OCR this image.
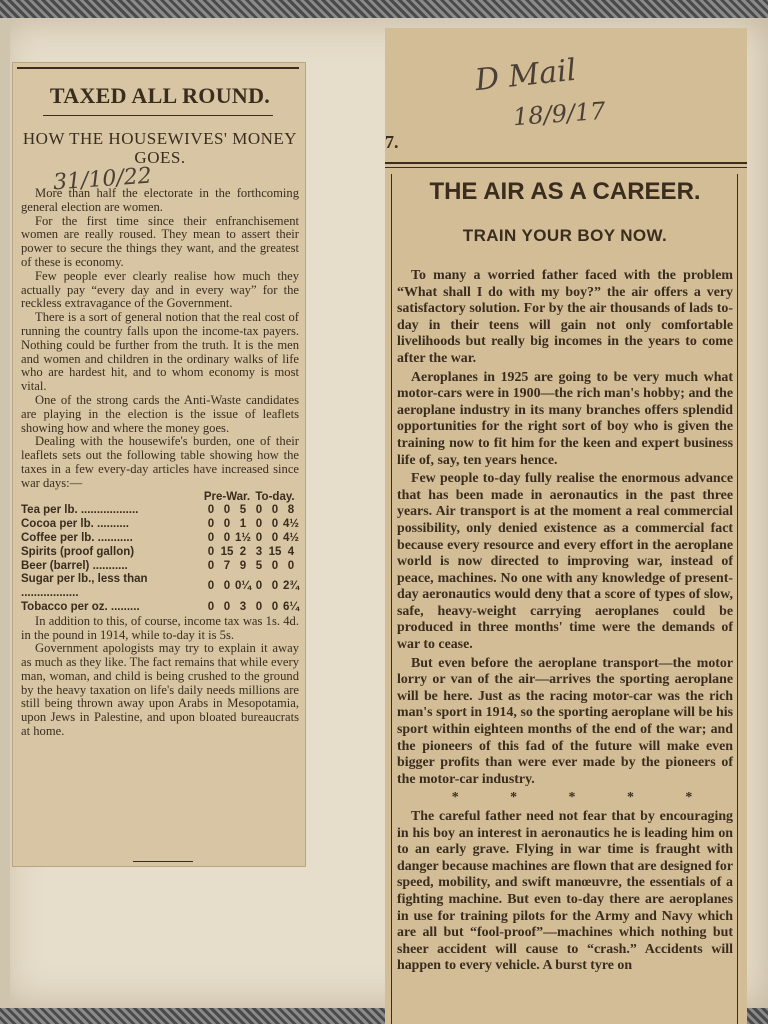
TAXED ALL ROUND.
HOW THE HOUSEWIVES' MONEY GOES.
31/10/22

More than half the electorate in the forthcoming general election are women.

For the first time since their enfranchisement women are really roused. They mean to assert their power to secure the things they want, and the greatest of these is economy.

Few people ever clearly realise how much they actually pay “every day and in every way” for the reckless extravagance of the Government.

There is a sort of general notion that the real cost of running the country falls upon the income-tax payers. Nothing could be further from the truth. It is the men and women and children in the ordinary walks of life who are hardest hit, and to whom economy is most vital.

One of the strong cards the Anti-Waste candidates are playing in the election is the issue of leaflets showing how and where the money goes.

Dealing with the housewife's burden, one of their leaflets sets out the following table showing how the taxes in a few every-day articles have increased since war days:—

	Pre-War.			To-day.		
Tea per lb. ..................	0	0	5	0	0	8
Cocoa per lb. ..........	0	0	1	0	0	4½
Coffee per lb. ...........	0	0	1½	0	0	4½
Spirits (proof gallon)	0	15	2	3	15	4
Beer (barrel) ...........	0	7	9	5	0	0
Sugar per lb., less than ..................	0	0	0¼	0	0	2¾
Tobacco per oz. .........	0	0	3	0	0	6¼

In addition to this, of course, income tax was 1s. 4d. in the pound in 1914, while to-day it is 5s.

Government apologists may try to explain it away as much as they like. The fact remains that while every man, woman, and child is being crushed to the ground by the heavy taxation on life's daily needs millions are still being thrown away upon Arabs in Mesopotamia, upon Jews in Palestine, and upon bloated bureaucrats at home.

D Mail
18/9/17
7.
THE AIR AS A CAREER.
TRAIN YOUR BOY NOW.

To many a worried father faced with the problem “What shall I do with my boy?” the air offers a very satisfactory solution. For by the air thousands of lads to-day in their teens will gain not only comfortable livelihoods but really big incomes in the years to come after the war.

Aeroplanes in 1925 are going to be very much what motor-cars were in 1900—the rich man's hobby; and the aeroplane industry in its many branches offers splendid opportunities for the right sort of boy who is given the training now to fit him for the keen and expert business life of, say, ten years hence.

Few people to-day fully realise the enormous advance that has been made in aeronautics in the past three years. Air transport is at the moment a real commercial possibility, only denied existence as a commercial fact because every resource and every effort in the aeroplane world is now directed to improving war, instead of peace, machines. No one with any knowledge of present-day aeronautics would deny that a score of types of slow, safe, heavy-weight carrying aeroplanes could be produced in three months' time were the demands of war to cease.

But even before the aeroplane transport—the motor lorry or van of the air—arrives the sporting aeroplane will be here. Just as the racing motor-car was the rich man's sport in 1914, so the sporting aeroplane will be his sport within eighteen months of the end of the war; and the pioneers of this fad of the future will make even bigger profits than were ever made by the pioneers of the motor-car industry.

* * * * *

The careful father need not fear that by encouraging in his boy an interest in aeronautics he is leading him on to an early grave. Flying in war time is fraught with danger because machines are flown that are designed for speed, mobility, and swift manœuvre, the essentials of a fighting machine. But even to-day there are aeroplanes in use for training pilots for the Army and Navy which are all but “fool-proof”—machines which nothing but sheer accident will cause to “crash.” Accidents will happen to every vehicle. A burst tyre on
